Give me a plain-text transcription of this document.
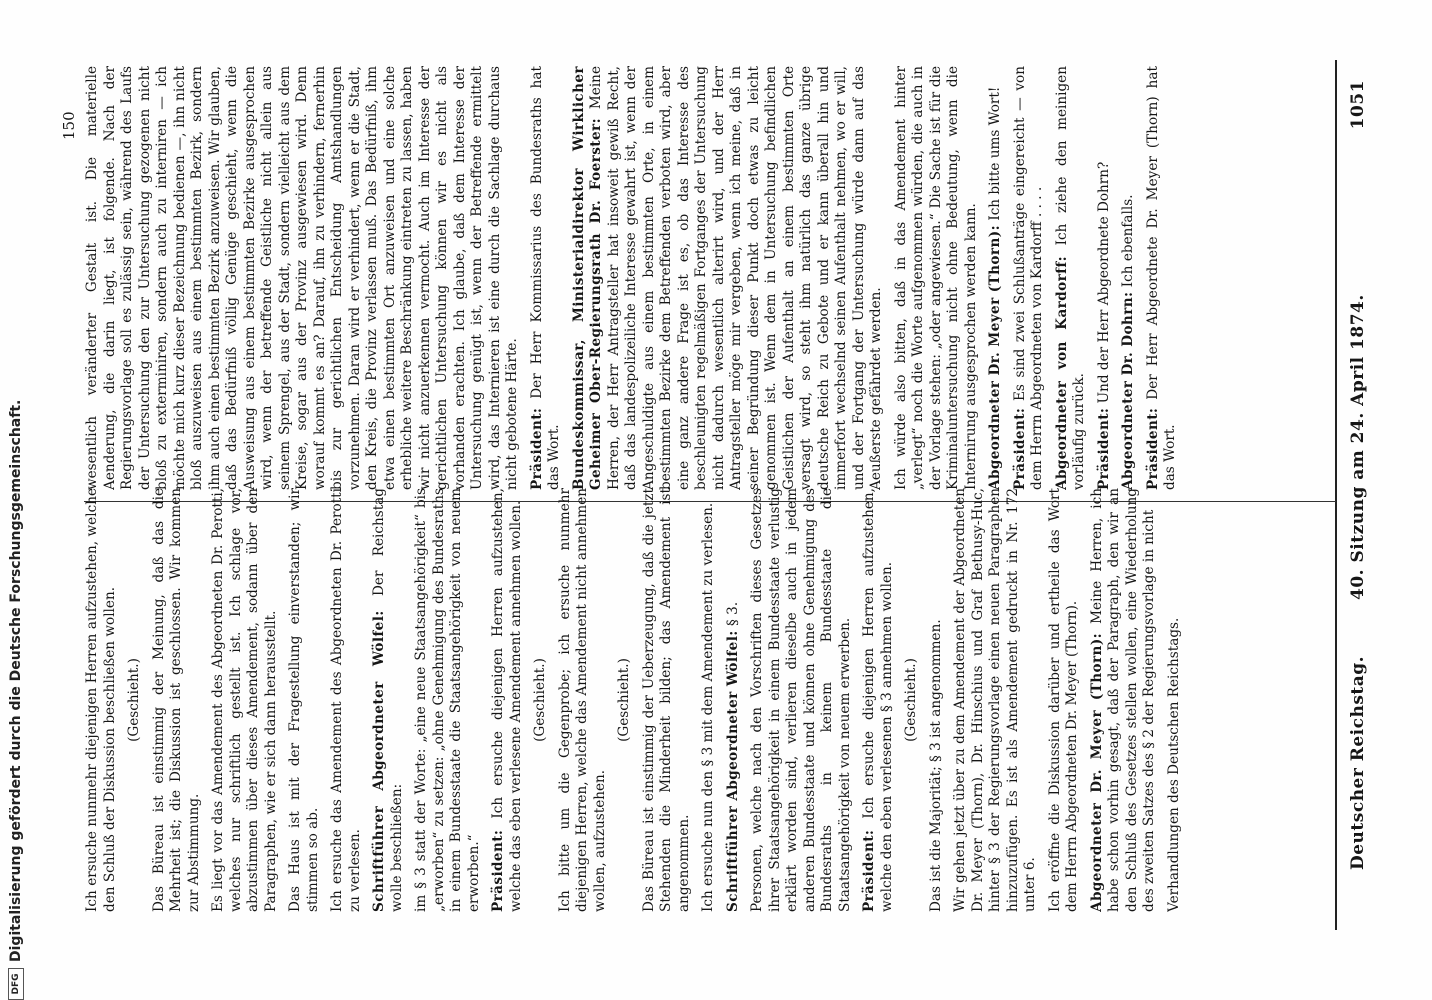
Deutscher Reichstag.
40. Sitzung am 24. April 1874.
1051

Ich ersuche nunmehr diejenigen Herren aufzustehen, welche den Schluß der Diskussion beschließen wollen. (Geschieht.) Das Büreau ist einstimmig der Meinung, daß das die Mehrheit ist; die Diskussion ist geschlossen. Wir kommen zur Abstimmung. Es liegt vor das Amendement des Abgeordneten Dr. Perotti, welches nur schriftlich gestellt ist. Ich schlage vor, abzustimmen über dieses Amendement, sodann über den Paragraphen, wie er sich dann herausstellt. Das Haus ist mit der Fragestellung einverstanden; wir stimmen so ab. Ich ersuche das Amendement des Abgeordneten Dr. Perotti zu verlesen. Schriftführer Abgeordneter Wölfel: Der Reichstag wolle beschließen: im § 3 statt der Worte: „eine neue Staatsangehörigkeit“ bis „erworben“ zu setzen: „ohne Genehmigung des Bundesraths in einem Bundesstaate die Staatsangehörigkeit von neuem erworben.“ Präsident: Ich ersuche diejenigen Herren aufzustehen, welche das eben verlesene Amendement annehmen wollen. (Geschieht.) Ich bitte um die Gegenprobe; ich ersuche nunmehr diejenigen Herren, welche das Amendement nicht annehmen wollen, aufzustehen.

(Geschieht.) Das Büreau ist einstimmig der Ueberzeugung, daß die jetzt Stehenden die Minderheit bilden; das Amendement ist angenommen. Ich ersuche nun den § 3 mit dem Amendement zu verlesen. Schriftführer Abgeordneter Wölfel: § 3. Personen, welche nach den Vorschriften dieses Gesetzes ihrer Staatsangehörigkeit in einem Bundesstaate verlustig erklärt worden sind, verlieren dieselbe auch in jedem anderen Bundesstaate und können ohne Genehmigung des Bundesraths in keinem Bundesstaate die Staatsangehörigkeit von neuem erwerben. Präsident: Ich ersuche diejenigen Herren aufzustehen, welche den eben verlesenen § 3 annehmen wollen. (Geschieht.) Das ist die Majorität; § 3 ist angenommen. Wir gehen jetzt über zu dem Amendement der Abgeordneten Dr. Meyer (Thorn), Dr. Hinschius und Graf Bethusy-Huc, hinter § 3 der Regierungsvorlage einen neuen Paragraphen hinzuzufügen. Es ist als Amendement gedruckt in Nr. 172 unter 6. Ich eröffne die Diskussion darüber und ertheile das Wort dem Herrn Abgeordneten Dr. Meyer (Thorn). Abgeordneter Dr. Meyer (Thorn): Meine Herren, ich habe schon vorhin gesagt, daß der Paragraph, den wir an den Schluß des Gesetzes stellen wollen, eine Wiederholung des zweiten Satzes des § 2 der Regierungsvorlage in nicht Verhandlungen des Deutschen Reichstags.

wesentlich veränderter Gestalt ist. Die materielle Aenderung, die darin liegt, ist folgende. Nach der Regierungsvorlage soll es zulässig sein, während des Laufs der Untersuchung den zur Untersuchung gezogenen nicht bloß zu exterminiren, sondern auch zu interniren — ich möchte mich kurz dieser Bezeichnung bedienen —, ihn nicht bloß auszuweisen aus einem bestimmten Bezirk, sondern ihm auch einen bestimmten Bezirk anzuweisen. Wir glauben, daß das Bedürfniß völlig Genüge geschieht, wenn die Ausweisung aus einem bestimmten Bezirke ausgesprochen wird, wenn der betreffende Geistliche nicht allein aus seinem Sprengel, aus der Stadt, sondern vielleicht aus dem Kreise, sogar aus der Provinz ausgewiesen wird. Denn worauf kommt es an? Darauf, ihn zu verhindern, fernerhin bis zur gerichtlichen Entscheidung Amtshandlungen vorzunehmen. Daran wird er verhindert, wenn er die Stadt, den Kreis, die Provinz verlassen muß. Das Bedürfniß, ihm etwa einen bestimmten Ort anzuweisen und eine solche erhebliche weitere Beschränkung eintreten zu lassen, haben wir nicht anzuerkennen vermocht. Auch im Interesse der gerichtlichen Untersuchung können wir es nicht als vorhanden erachten. Ich glaube, daß dem Interesse der Untersuchung genügt ist, wenn der Betreffende ermittelt wird, das Internieren ist eine durch die Sachlage durchaus nicht gebotene Härte. Präsident: Der Herr Kommissarius des Bundesraths hat das Wort. Bundeskommissar, Ministerialdirektor Wirklicher Geheimer Ober-Regierungsrath Dr. Foerster: Meine Herren, der Herr Antragsteller hat insoweit gewiß Recht, daß das landespolizeiliche Interesse gewahrt ist, wenn der Angeschuldigte aus einem bestimmten Orte, in einem bestimmten Bezirke dem Betreffenden verboten wird, aber eine ganz andere Frage ist es, ob das Interesse des beschleunigten regelmäßigen Fortganges der Untersuchung nicht dadurch wesentlich alterirt wird, und der Herr Antragsteller möge mir vergeben, wenn ich meine, daß in seiner Begründung dieser Punkt doch etwas zu leicht genommen ist. Wenn dem in Untersuchung befindlichen Geistlichen der Aufenthalt an einem bestimmten Orte versagt wird, so steht ihm natürlich das ganze übrige deutsche Reich zu Gebote und er kann überall hin und immerfort wechselnd seinen Aufenthalt nehmen, wo er will, und der Fortgang der Untersuchung würde dann auf das Aeußerste gefährdet werden. Ich würde also bitten, daß in das Amendement hinter „verlegt“ noch die Worte aufgenommen würden, die auch in der Vorlage stehen: „oder angewiesen.“ Die Sache ist für die Kriminaluntersuchung nicht ohne Bedeutung, wenn die Internirung ausgesprochen werden kann. Abgeordneter Dr. Meyer (Thorn): Ich bitte ums Wort!

Präsident: Es sind zwei Schlußanträge eingereicht — von dem Herrn Abgeordneten von Kardorff . . . . Abgeordneter von Kardorff: Ich ziehe den meinigen vorläufig zurück. Präsident: Und der Herr Abgeordnete Dohrn? Abgeordneter Dr. Dohrn: Ich ebenfalls.

Präsident: Der Herr Abgeordnete Dr. Meyer (Thorn) hat das Wort.

150
DFGDigitalisierung gefördert durch die Deutsche Forschungsgemeinschaft.
